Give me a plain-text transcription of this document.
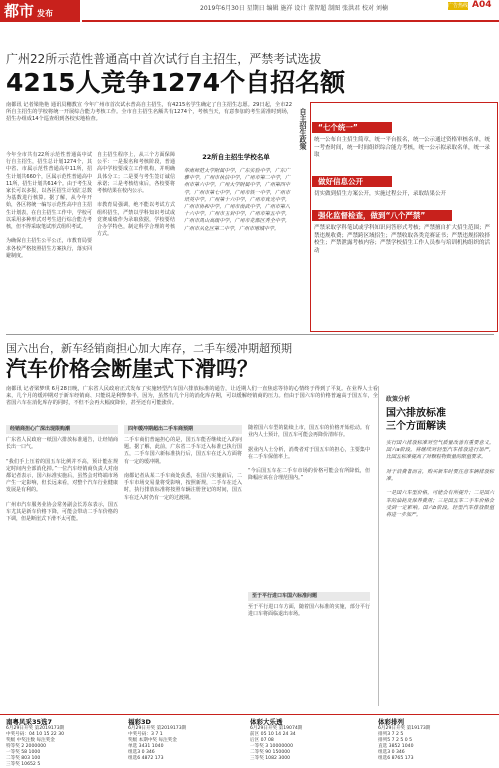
都市 发布
2019年6月30日 星期日 编辑 施祥 设计 董智超 制图 张洪君 校对 刘楠	广告热线 A04
广州22所示范性普通高中首次试行自主招生，严禁考试选拔
4215人竞争1274个自招名额
南都讯 记者梁艳艳 通讯员穗教宣 今年广州市首次试水普高自主招生，有4215名学生确定了自主招生志愿。29日起，全市22所自主招生的学校将统一开展综合能力考核工作。全市自主招生名额共有1274个，考核当天，有意参加的考生需准时到场，招生办组成14个巡查组到各校实地检查。
今年全市共有22所示范性普通高中试行自主招生，招生总计划1274个，其中省、市属示范性普通高中11所，招生计划共660个，区属示范性普通高中11所，招生计划共614个。由于考生及家长可以多报，以各区招生计划汇总数为基数进行核算。据了解，从今年开始，各区将统一编写示范性高中自主招生计划表，在自主招生工作中，学校可以采用多种形式对考生进行综合能力考核，但不得采取笔试形式组织考试。

为确保自主招生公平公正，市教育局要求各校严格按照招生方案执行，落实回避制度。
自主招生程序上，从三个方面保障公平：一是报名和考核阶段，普通高中学校要成立工作机构，并明确具体分工；二是要与考生签订诚信承诺；三是考核结束后，各校要将考核结果在校内公示。

市教育局强调，绝不能以考试方式组织招生，严禁以学科知识考试或竞赛成绩作为录取依据，学校要结合办学特色，制定科学合理的考核方式。
22所自主招生学校名单
华南师范大学附属中学，广东实验中学，广东广雅中学，广州市执信中学，广州市第二中学，广州市第六中学，广州大学附属中学，广州第四中学，广州市第七中学，广州市铁一中学，广州市培英中学，广州第十六中学，广州市真光中学，广州市协和中学，广州市南武中学，广州市第八十六中学，广州市玉岩中学，广州市第五中学，广州市禺山高级中学，广州市花都区秀全中学，广州市从化区第二中学，广州市增城中学。
自主招生政策	“七个统一”
统一公布自主招生简章，统一平台报名，统一公示通过资格审核名单，统一考查时间，统一时间组织综合能力考核，统一公示拟录取名单，统一录取
做好信息公开
切实做到招生方案公开，实施过程公开，录取结果公开
强化监督检查，做到“八个严禁”
严禁采取学科笔试或学科知识问答形式考核；严禁擅自扩大招生范围；严禁违规收费；严禁跨区域招生；严禁收取各类竞赛证书；严禁违规招收择校生；严禁泄露考核内容；严禁学校招生工作人员参与培训机构组织的活动
国六出台，新车经销商担心加大库存，二手车缓冲期超预期
汽车价格会断崖式下滑吗？
南都讯 记者梁梦琪 6月28日晚，广东省人民政府正式发布了实施轻型汽车国六排放标准的通告，让近期人们一直焦虑等待的心情终于得到了平复。在业界人士看来，几个月的缓冲期对于新车经销商、只能说是利弊参半，因为，虽然有几个月的消化库存期，可以缓解经销商的压力。但由于国六车的价格普遍高于国五车，全省国六车在消化库存的同时，不但不会再大幅度降价，甚至还有可能涨价。
经销商担心广深出现限购潮
广东省人民政府一纸国六排放标准通告，让经销商长出一口气。

“我们手上压着的国五车比例并不高，预计能在规定时间内全部消化掉。”一位汽车经销商负责人对南都记者表示，国六标准实施后，虽然会对终端市场产生一定影响，但长远来看，对整个汽车行业健康发展是有利的。

广州市汽车服务业协会常务副会长苏东表示，国五车尤其是新车价格下降，可能会带动二手车价格的下调，但是断崖式下滑不太可能。
四年缓冲期超出二手车商预期
二手车商们普遍担心的是，国五车能否继续迁入的问题。据了解，此前，广东省二手车迁入标准已执行国五，二手车国六新标准执行后，国五车在迁入方面将有一定的缓冲期。

南都记者从某二手车商处获悉，在国六实施前后，二手车市场交易量将受影响，按照新规，二手车在迁入时，执行排放标准将按照车辆注册登记的时间，国五车在迁入时仍有一定的过渡期。
随着国六车型的陆续上市，国五车的价格开始松动。有业内人士预计，国五车可能会再降价清库存。

据业内人士分析，消费者对于国五车的担心，主要集中在二手车保值率上。

“今后国五车在二手车市场的价格可能会有所降低，但降幅应该在合理范围内。”
至于平行进口车国六标准问题
至于平行进口车方面，随着国六标准的实施，部分平行进口车将面临退出市场。
政策分析
国六排放标准
三个方面解读
实行国六排放标准对空气质量改善有重要意义。国六a阶段，将继续对轻型汽车排放进行加严，比国五标准提高了对颗粒物数量的限值要求。

对于消费者而言，购买新车时要注意车辆排放标准。

一是国六车型价格，可能会有所提升；二是国六车的油耗及保养费用；三是国五车二手车价格会受到一定影响。国六b阶段，轻型汽车排放限值将进一步加严。
南粤风采35选7
6月29日开奖 第2019173期
中奖号码：04 10 15 22 30
奖级 中奖注数 每注奖金
特等奖 2 2000000
一等奖 58 1000
二等奖 803 100
三等奖 10652 5
福彩3D
6月29日开奖 第2019173期
中奖号码：3 7 1
奖级 本期中奖 每注奖金
单选 3431 1040
组选3 0 346
组选6 4872 173
体彩大乐透
6月29日开奖 第19074期
前区 05 10 14 24 34
后区 07 08
一等奖 3 10000000
二等奖 90 150000
三等奖 1082 3000
体彩排列
6月29日开奖 第19173期
排列3 7 2 5
排列5 7 2 5 0 5
直选 3852 1040
组选3 0 346
组选6 8765 173
